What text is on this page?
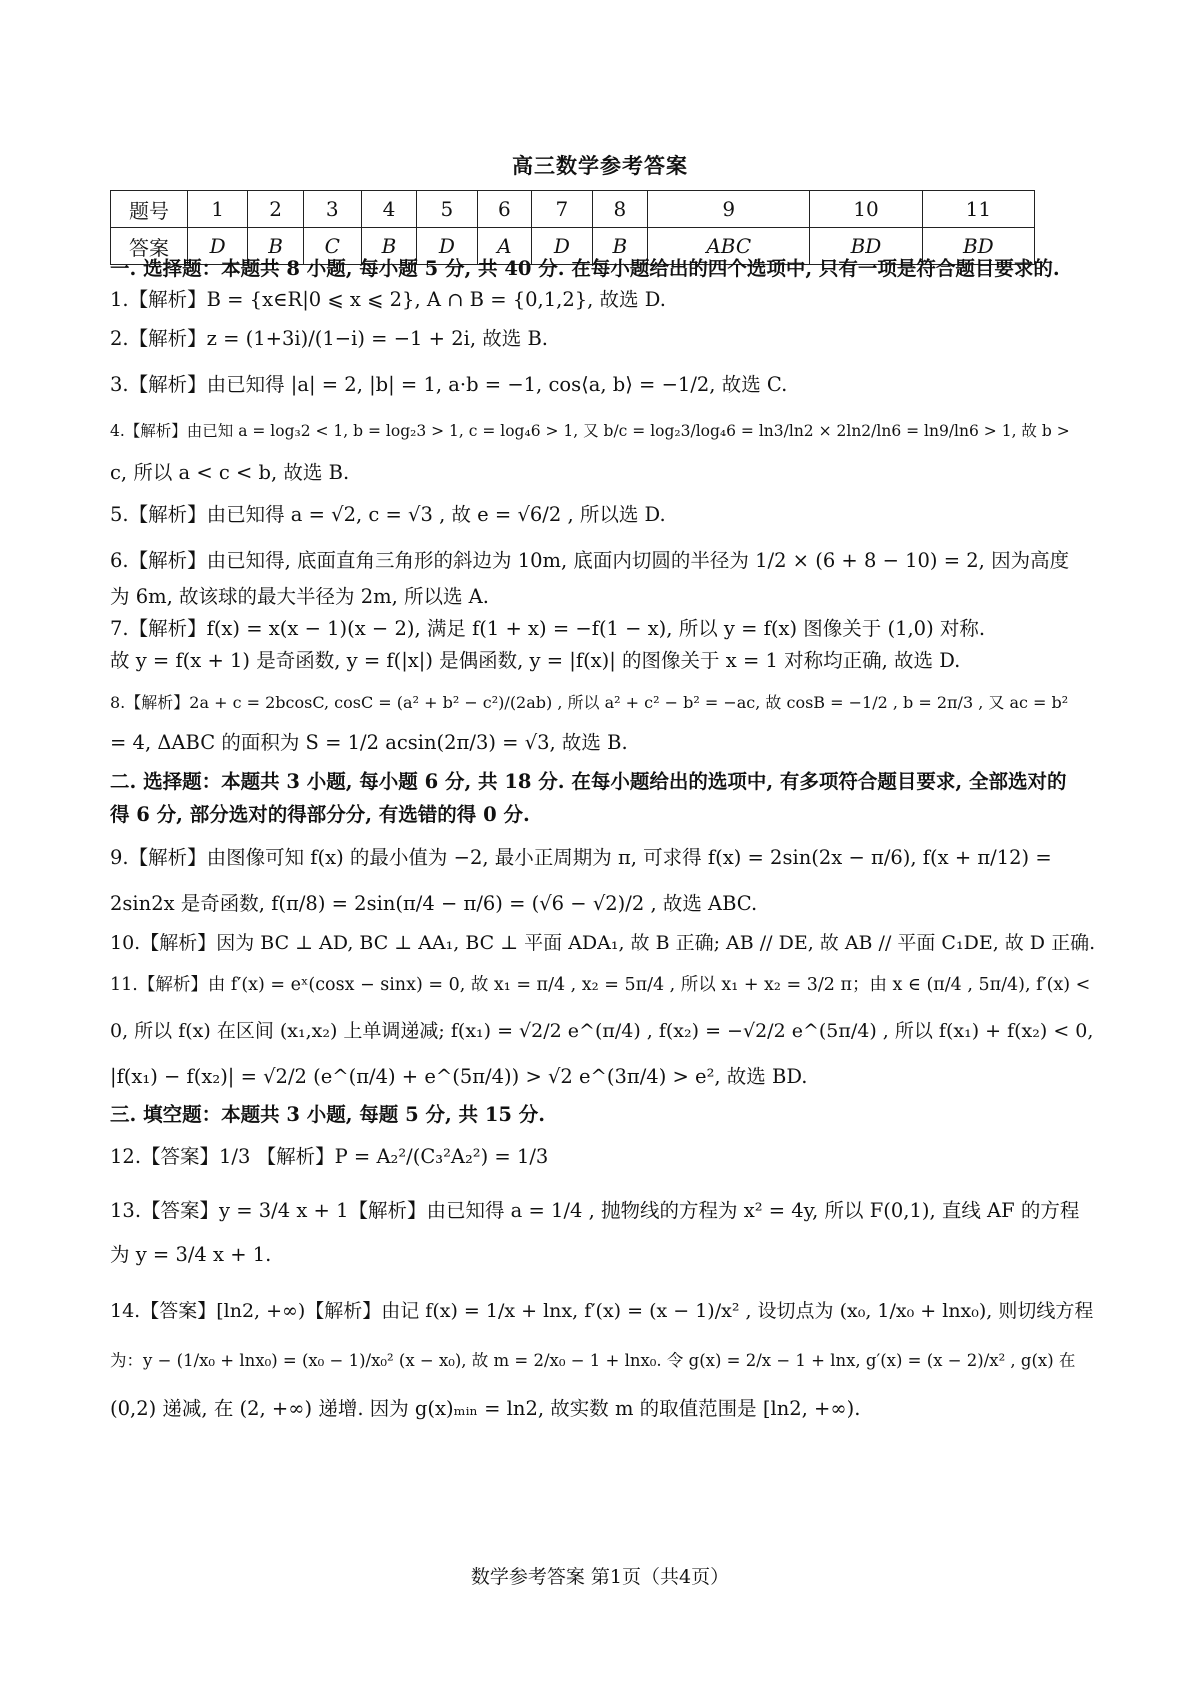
高三数学参考答案
题号	1	2	3	4	5	6	7	8	9	10	11
答案	D	B	C	B	D	A	D	B	ABC	BD	BD
一. 选择题：本题共 8 小题, 每小题 5 分, 共 40 分. 在每小题给出的四个选项中, 只有一项是符合题目要求的.
1.【解析】B = {x∈R|0 ⩽ x ⩽ 2}, A ∩ B = {0,1,2}, 故选 D.
2.【解析】z = (1+3i)/(1−i) = −1 + 2i, 故选 B.
3.【解析】由已知得 |a| = 2, |b| = 1, a·b = −1, cos⟨a, b⟩ = −1/2, 故选 C.
4.【解析】由已知 a = log₃2 < 1, b = log₂3 > 1, c = log₄6 > 1, 又 b/c = log₂3/log₄6 = ln3/ln2 × 2ln2/ln6 = ln9/ln6 > 1, 故 b >
c, 所以 a < c < b, 故选 B.
5.【解析】由已知得 a = √2, c = √3 , 故 e = √6/2 , 所以选 D.
6.【解析】由已知得, 底面直角三角形的斜边为 10m, 底面内切圆的半径为 1/2 × (6 + 8 − 10) = 2, 因为高度
为 6m, 故该球的最大半径为 2m, 所以选 A.
7.【解析】f(x) = x(x − 1)(x − 2), 满足 f(1 + x) = −f(1 − x), 所以 y = f(x) 图像关于 (1,0) 对称.
故 y = f(x + 1) 是奇函数, y = f(|x|) 是偶函数, y = |f(x)| 的图像关于 x = 1 对称均正确, 故选 D.
8.【解析】2a + c = 2bcosC, cosC = (a² + b² − c²)/(2ab) , 所以 a² + c² − b² = −ac, 故 cosB = −1/2 , b = 2π/3 , 又 ac = b²
= 4, ΔABC 的面积为 S = 1/2 acsin(2π/3) = √3, 故选 B.
二. 选择题：本题共 3 小题, 每小题 6 分, 共 18 分. 在每小题给出的选项中, 有多项符合题目要求, 全部选对的
得 6 分, 部分选对的得部分分, 有选错的得 0 分.
9.【解析】由图像可知 f(x) 的最小值为 −2, 最小正周期为 π, 可求得 f(x) = 2sin(2x − π/6), f(x + π/12) =
2sin2x 是奇函数, f(π/8) = 2sin(π/4 − π/6) = (√6 − √2)/2 , 故选 ABC.
10.【解析】因为 BC ⊥ AD, BC ⊥ AA₁, BC ⊥ 平面 ADA₁, 故 B 正确; AB // DE, 故 AB // 平面 C₁DE, 故 D 正确.
11.【解析】由 f′(x) = eˣ(cosx − sinx) = 0, 故 x₁ = π/4 , x₂ = 5π/4 , 所以 x₁ + x₂ = 3/2 π；由 x ∈ (π/4 , 5π/4), f′(x) <
0, 所以 f(x) 在区间 (x₁,x₂) 上单调递减; f(x₁) = √2/2 e^(π/4) , f(x₂) = −√2/2 e^(5π/4) , 所以 f(x₁) + f(x₂) < 0,
|f(x₁) − f(x₂)| = √2/2 (e^(π/4) + e^(5π/4)) > √2 e^(3π/4) > e², 故选 BD.
三. 填空题：本题共 3 小题, 每题 5 分, 共 15 分.
12.【答案】1/3 【解析】P = A₂²/(C₃²A₂²) = 1/3
13.【答案】y = 3/4 x + 1【解析】由已知得 a = 1/4 , 抛物线的方程为 x² = 4y, 所以 F(0,1), 直线 AF 的方程
为 y = 3/4 x + 1.
14.【答案】[ln2, +∞)【解析】由记 f(x) = 1/x + lnx, f′(x) = (x − 1)/x² , 设切点为 (x₀, 1/x₀ + lnx₀), 则切线方程
为：y − (1/x₀ + lnx₀) = (x₀ − 1)/x₀² (x − x₀), 故 m = 2/x₀ − 1 + lnx₀. 令 g(x) = 2/x − 1 + lnx, g′(x) = (x − 2)/x² , g(x) 在
(0,2) 递减, 在 (2, +∞) 递增. 因为 g(x)ₘᵢₙ = ln2, 故实数 m 的取值范围是 [ln2, +∞).
数学参考答案 第1页（共4页）
